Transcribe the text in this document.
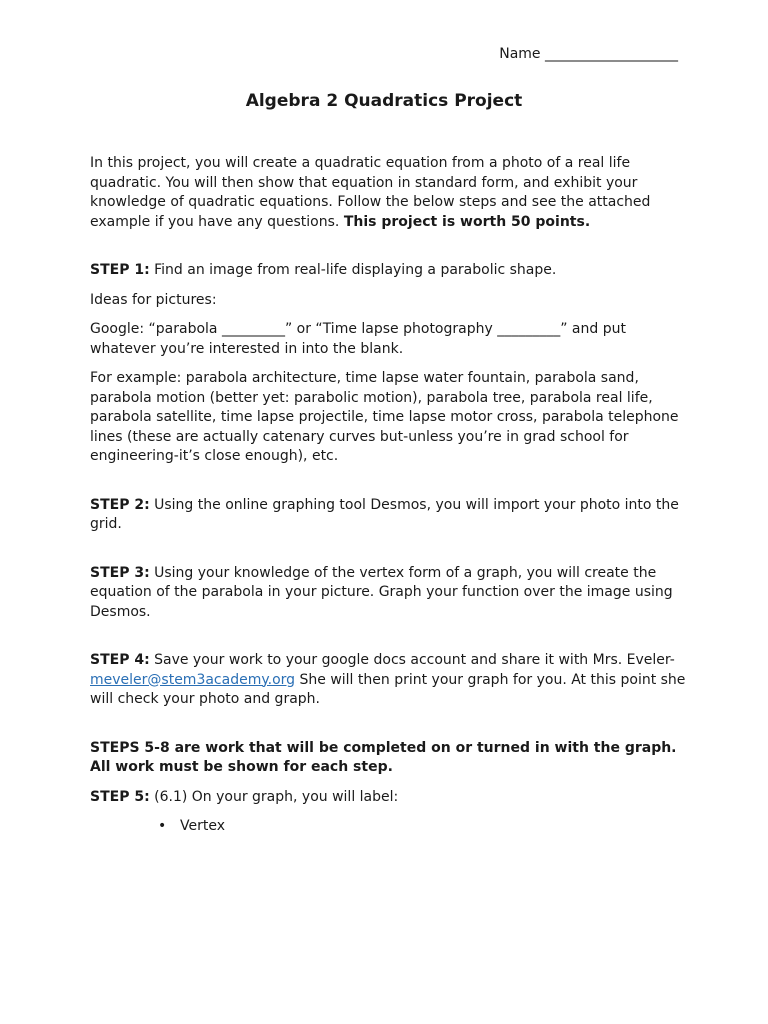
Name ___________________
Algebra 2 Quadratics Project

In this project, you will create a quadratic equation from a photo of a real life quadratic. You will then show that equation in standard form, and exhibit your knowledge of quadratic equations. Follow the below steps and see the attached example if you have any questions. This project is worth 50 points.

STEP 1: Find an image from real-life displaying a parabolic shape.

Ideas for pictures:

Google: “parabola _________” or “Time lapse photography _________” and put whatever you’re interested in into the blank.

For example: parabola architecture, time lapse water fountain, parabola sand, parabola motion (better yet: parabolic motion), parabola tree, parabola real life, parabola satellite, time lapse projectile, time lapse motor cross, parabola telephone lines (these are actually catenary curves but-unless you’re in grad school for engineering-it’s close enough), etc.

STEP 2: Using the online graphing tool Desmos, you will import your photo into the grid.

STEP 3: Using your knowledge of the vertex form of a graph, you will create the equation of the parabola in your picture. Graph your function over the image using Desmos.

STEP 4: Save your work to your google docs account and share it with Mrs. Eveler- meveler@stem3academy.org She will then print your graph for you. At this point she will check your photo and graph.

STEPS 5-8 are work that will be completed on or turned in with the graph. All work must be shown for each step.

STEP 5: (6.1) On your graph, you will label:

• Vertex
